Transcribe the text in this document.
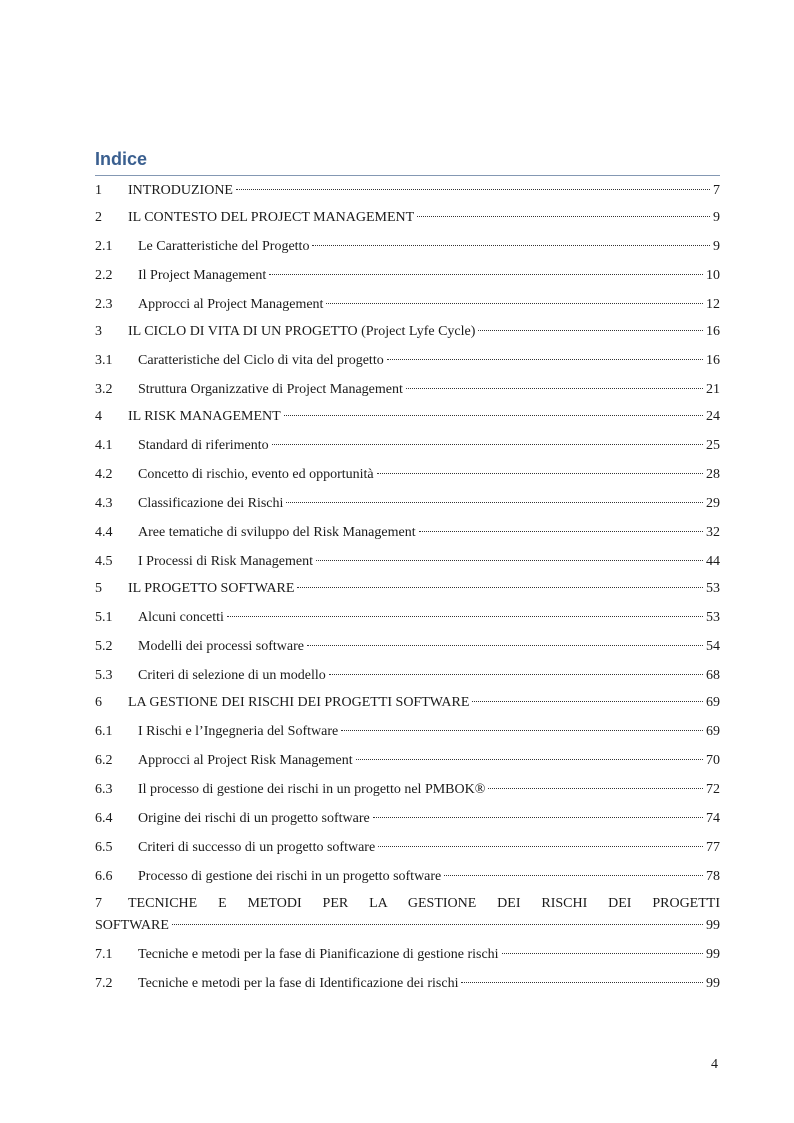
Indice
1	INTRODUZIONE	7
2	IL CONTESTO DEL PROJECT MANAGEMENT	9
2.1	Le Caratteristiche del Progetto	9
2.2	Il Project Management	10
2.3	Approcci al Project Management	12
3	IL CICLO DI VITA DI UN PROGETTO (Project Lyfe Cycle)	16
3.1	Caratteristiche del Ciclo di vita del progetto	16
3.2	Struttura Organizzative di Project Management	21
4	IL RISK MANAGEMENT	24
4.1	Standard di riferimento	25
4.2	Concetto di rischio, evento ed opportunità	28
4.3	Classificazione dei Rischi	29
4.4	Aree tematiche di sviluppo del Risk Management	32
4.5	I Processi di Risk Management	44
5	IL PROGETTO SOFTWARE	53
5.1	Alcuni concetti	53
5.2	Modelli dei processi software	54
5.3	Criteri di selezione di un modello	68
6	LA GESTIONE DEI RISCHI DEI PROGETTI SOFTWARE	69
6.1	I Rischi e l’Ingegneria del Software	69
6.2	Approcci al Project Risk Management	70
6.3	Il processo di gestione dei rischi in un progetto nel PMBOK®	72
6.4	Origine dei rischi di un progetto software	74
6.5	Criteri di successo di un progetto software	77
6.6	Processo di gestione dei rischi in un progetto software	78
7	TECNICHE E METODI PER LA GESTIONE DEI RISCHI DEI PROGETTI
SOFTWARE	99
7.1	Tecniche e metodi per la fase di Pianificazione di gestione rischi	99
7.2	Tecniche e metodi per la fase di Identificazione dei rischi	99
4
